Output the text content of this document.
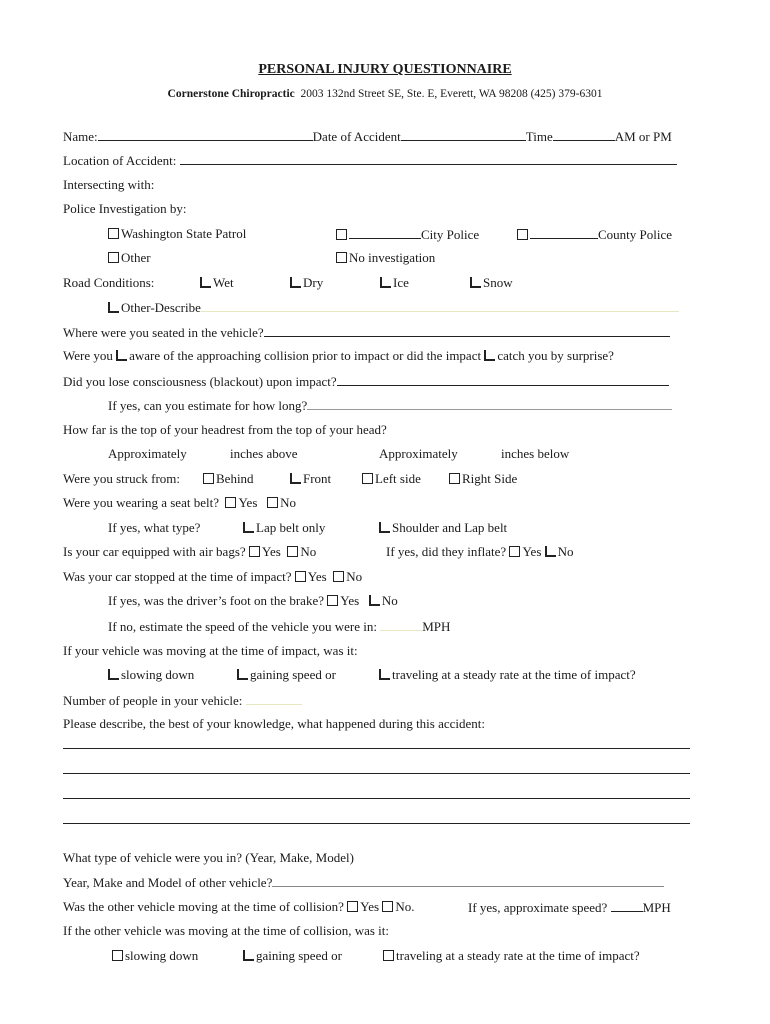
PERSONAL INJURY QUESTIONNAIRE
Cornerstone Chiropractic 2003 132nd Street SE, Ste. E, Everett, WA 98208 (425) 379-6301
Name:	Date of Accident	Time	AM or PM
Location of Accident:
Intersecting with:
Police Investigation by:
Washington State Patrol	City Police	County Police
Other	No investigation
Road Conditions:	Wet	Dry	Ice	Snow
Other-Describe
Where were you seated in the vehicle?
Were you aware of the approaching collision prior to impact or did the impact catch you by surprise?
Did you lose consciousness (blackout) upon impact?
If yes, can you estimate for how long?
How far is the top of your headrest from the top of your head?
Approximately	inches above	Approximately	inches below
Were you struck from:	Behind	Front	Left side	Right Side
Were you wearing a seat belt? Yes No
If yes, what type?	Lap belt only	Shoulder and Lap belt
Is your car equipped with air bags? Yes No	If yes, did they inflate? Yes No
Was your car stopped at the time of impact? Yes No
If yes, was the driver’s foot on the brake? Yes No
If no, estimate the speed of the vehicle you were in:	MPH
If your vehicle was moving at the time of impact, was it:
slowing down	gaining speed or	traveling at a steady rate at the time of impact?
Number of people in your vehicle:
Please describe, the best of your knowledge, what happened during this accident:
What type of vehicle were you in? (Year, Make, Model)
Year, Make and Model of other vehicle?
Was the other vehicle moving at the time of collision? Yes No.	If yes, approximate speed?	MPH
If the other vehicle was moving at the time of collision, was it:
slowing down	gaining speed or	traveling at a steady rate at the time of impact?
